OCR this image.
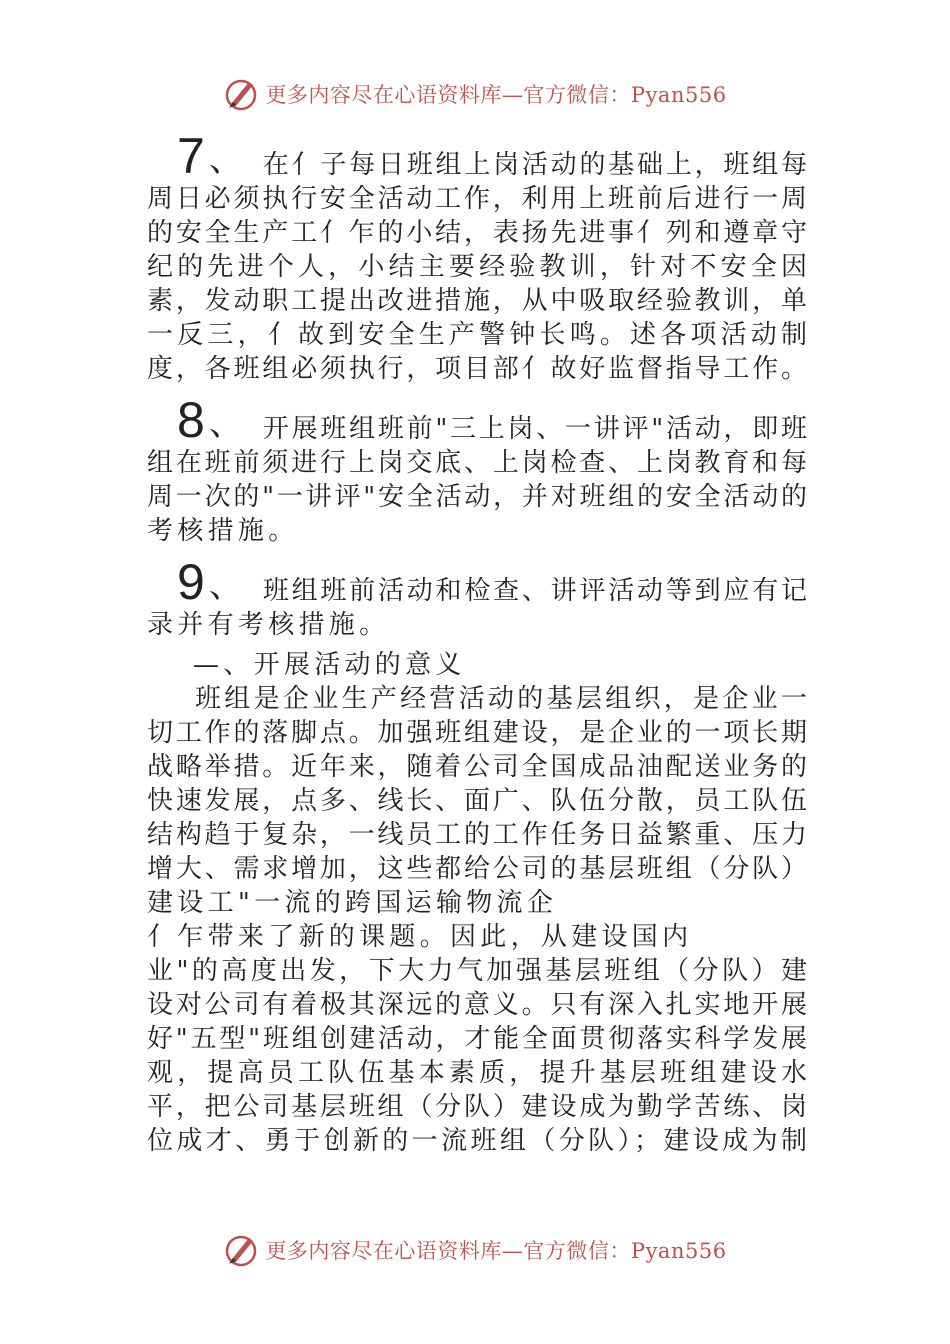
更多内容尽在心语资料库—官方微信：Pyan556
7 、 在亻子每日班组上岗活动的基础上，班组每
周日必须执行安全活动工作，利用上班前后进行一周
的安全生产工亻乍的小结，表扬先进事亻列和遵章守
纪的先进个人，小结主要经验教训，针对不安全因
素，发动职工提出改进措施，从中吸取经验教训，单
一反三，亻故到安全生产警钟长鸣。述各项活动制
度，各班组必须执行，项目部亻故好监督指导工作。
8 、 开展班组班前"三上岗、一讲评"活动，即班
组在班前须进行上岗交底、上岗检查、上岗教育和每
周一次的"一讲评"安全活动，并对班组的安全活动的
考核措施。
9 、 班组班前活动和检查、讲评活动等到应有记
录并有考核措施。
—、开展活动的意义
班组是企业生产经营活动的基层组织，是企业一
切工作的落脚点。加强班组建设，是企业的一项长期
战略举措。近年来，随着公司全国成品油配送业务的
快速发展，点多、线长、面广、队伍分散，员工队伍
结构趋于复杂，一线员工的工作任务日益繁重、压力
增大、需求增加，这些都给公司的基层班组（分队）
建设工"一流的跨国运输物流企
亻乍带来了新的课题。因此，从建设国内
业"的高度出发，下大力气加强基层班组（分队）建
设对公司有着极其深远的意义。只有深入扎实地开展
好"五型"班组创建活动，才能全面贯彻落实科学发展
观，提高员工队伍基本素质，提升基层班组建设水
平，把公司基层班组（分队）建设成为勤学苦练、岗
位成才、勇于创新的一流班组（分队）；建设成为制
更多内容尽在心语资料库—官方微信：Pyan556
